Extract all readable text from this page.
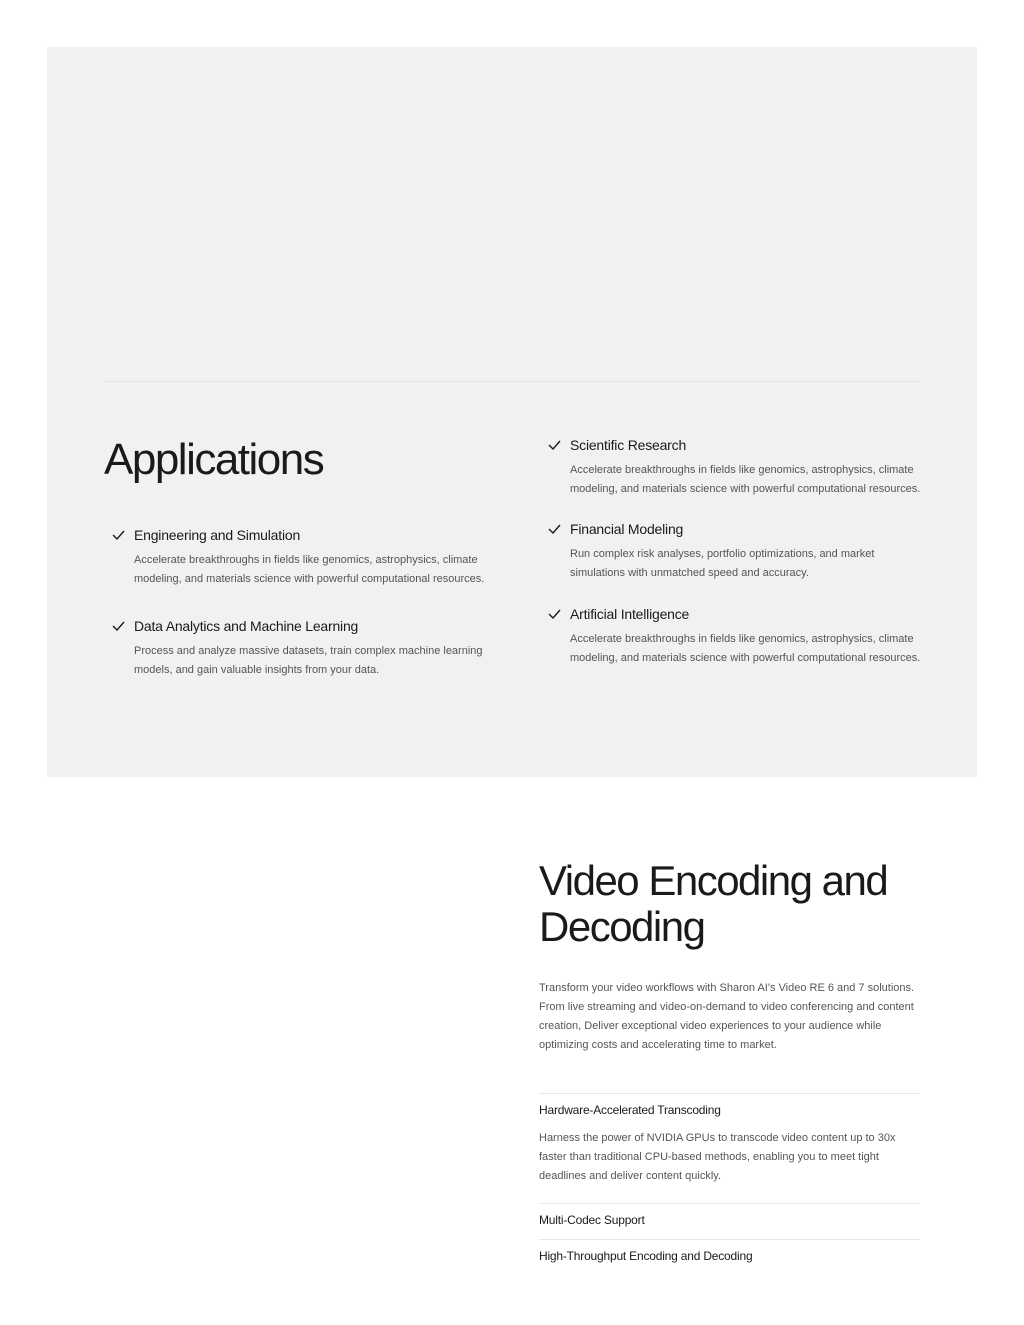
Applications	Scientific Research
Accelerate breakthroughs in fields like genomics, astrophysics, climate modeling, and materials science with powerful computational resources.
Engineering and Simulation
Accelerate breakthroughs in fields like genomics, astrophysics, climate modeling, and materials science with powerful computational resources.
Financial Modeling
Run complex risk analyses, portfolio optimizations, and market simulations with unmatched speed and accuracy.
Data Analytics and Machine Learning
Process and analyze massive datasets, train complex machine learning models, and gain valuable insights from your data.
Artificial Intelligence
Accelerate breakthroughs in fields like genomics, astrophysics, climate modeling, and materials science with powerful computational resources.
Video Encoding and Decoding

Transform your video workflows with Sharon AI's Video RE 6 and 7 solutions. From live streaming and video-on-demand to video conferencing and content creation, Deliver exceptional video experiences to your audience while optimizing costs and accelerating time to market.

Hardware-Accelerated Transcoding

Harness the power of NVIDIA GPUs to transcode video content up to 30x faster than traditional CPU-based methods, enabling you to meet tight deadlines and deliver content quickly.

Multi-Codec Support
High-Throughput Encoding and Decoding
